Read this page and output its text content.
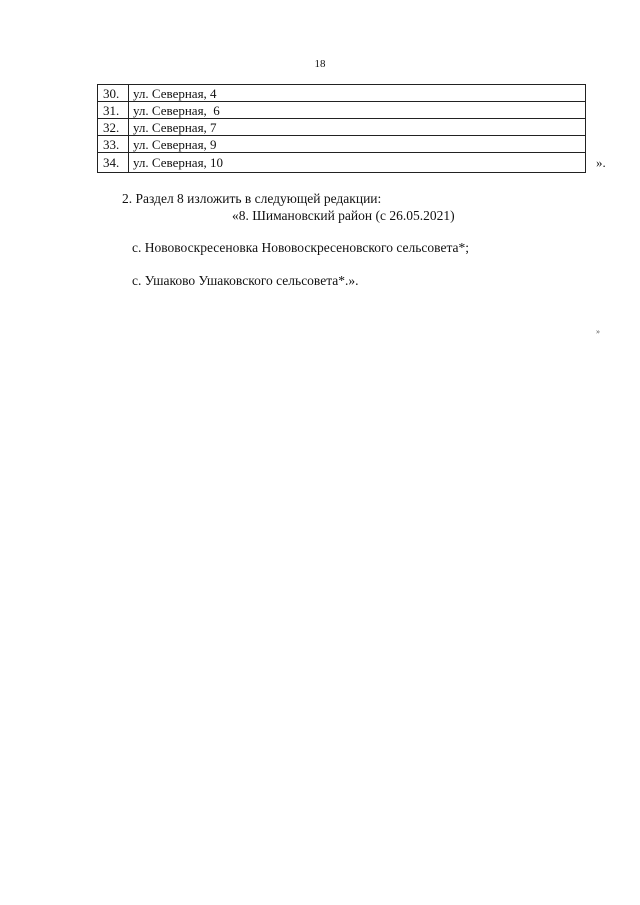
18
30.	ул. Северная, 4
31.	ул. Северная,  6
32.	ул. Северная, 7
33.	ул. Северная, 9
34.	ул. Северная, 10	».
2. Раздел 8 изложить в следующей редакции:
«8. Шимановский район (с 26.05.2021)
с. Нововоскресеновка Нововоскресеновского сельсовета*;
с. Ушаково Ушаковского сельсовета*.».
»
